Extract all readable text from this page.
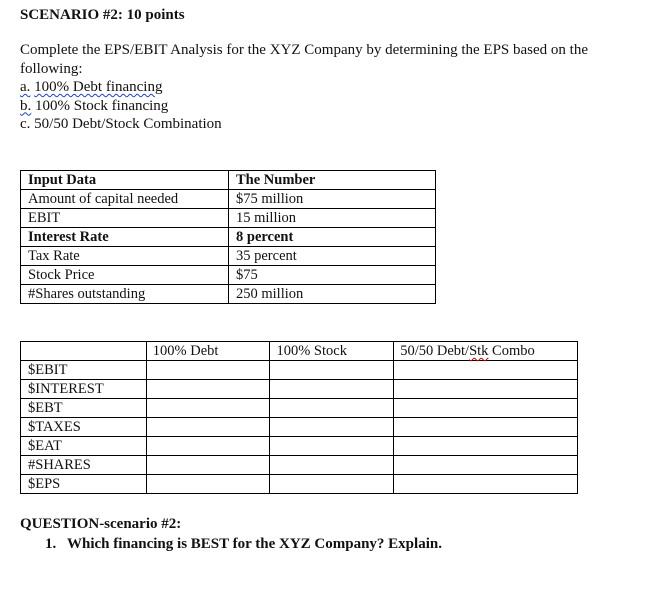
SCENARIO #2: 10 points
Complete the EPS/EBIT Analysis for the XYZ Company by determining the EPS based on the following:
a. 100% Debt financing
b. 100% Stock financing
c. 50/50 Debt/Stock Combination
Input Data	The Number
Amount of capital needed	$75 million
EBIT	15 million
Interest Rate	8 percent
Tax Rate	35 percent
Stock Price	$75
#Shares outstanding	250 million
	100% Debt	100% Stock	50/50 Debt/Stk Combo
$EBIT			
$INTEREST			
$EBT			
$TAXES			
$EAT			
#SHARES			
$EPS			
QUESTION-scenario #2:
1. Which financing is BEST for the XYZ Company? Explain.
